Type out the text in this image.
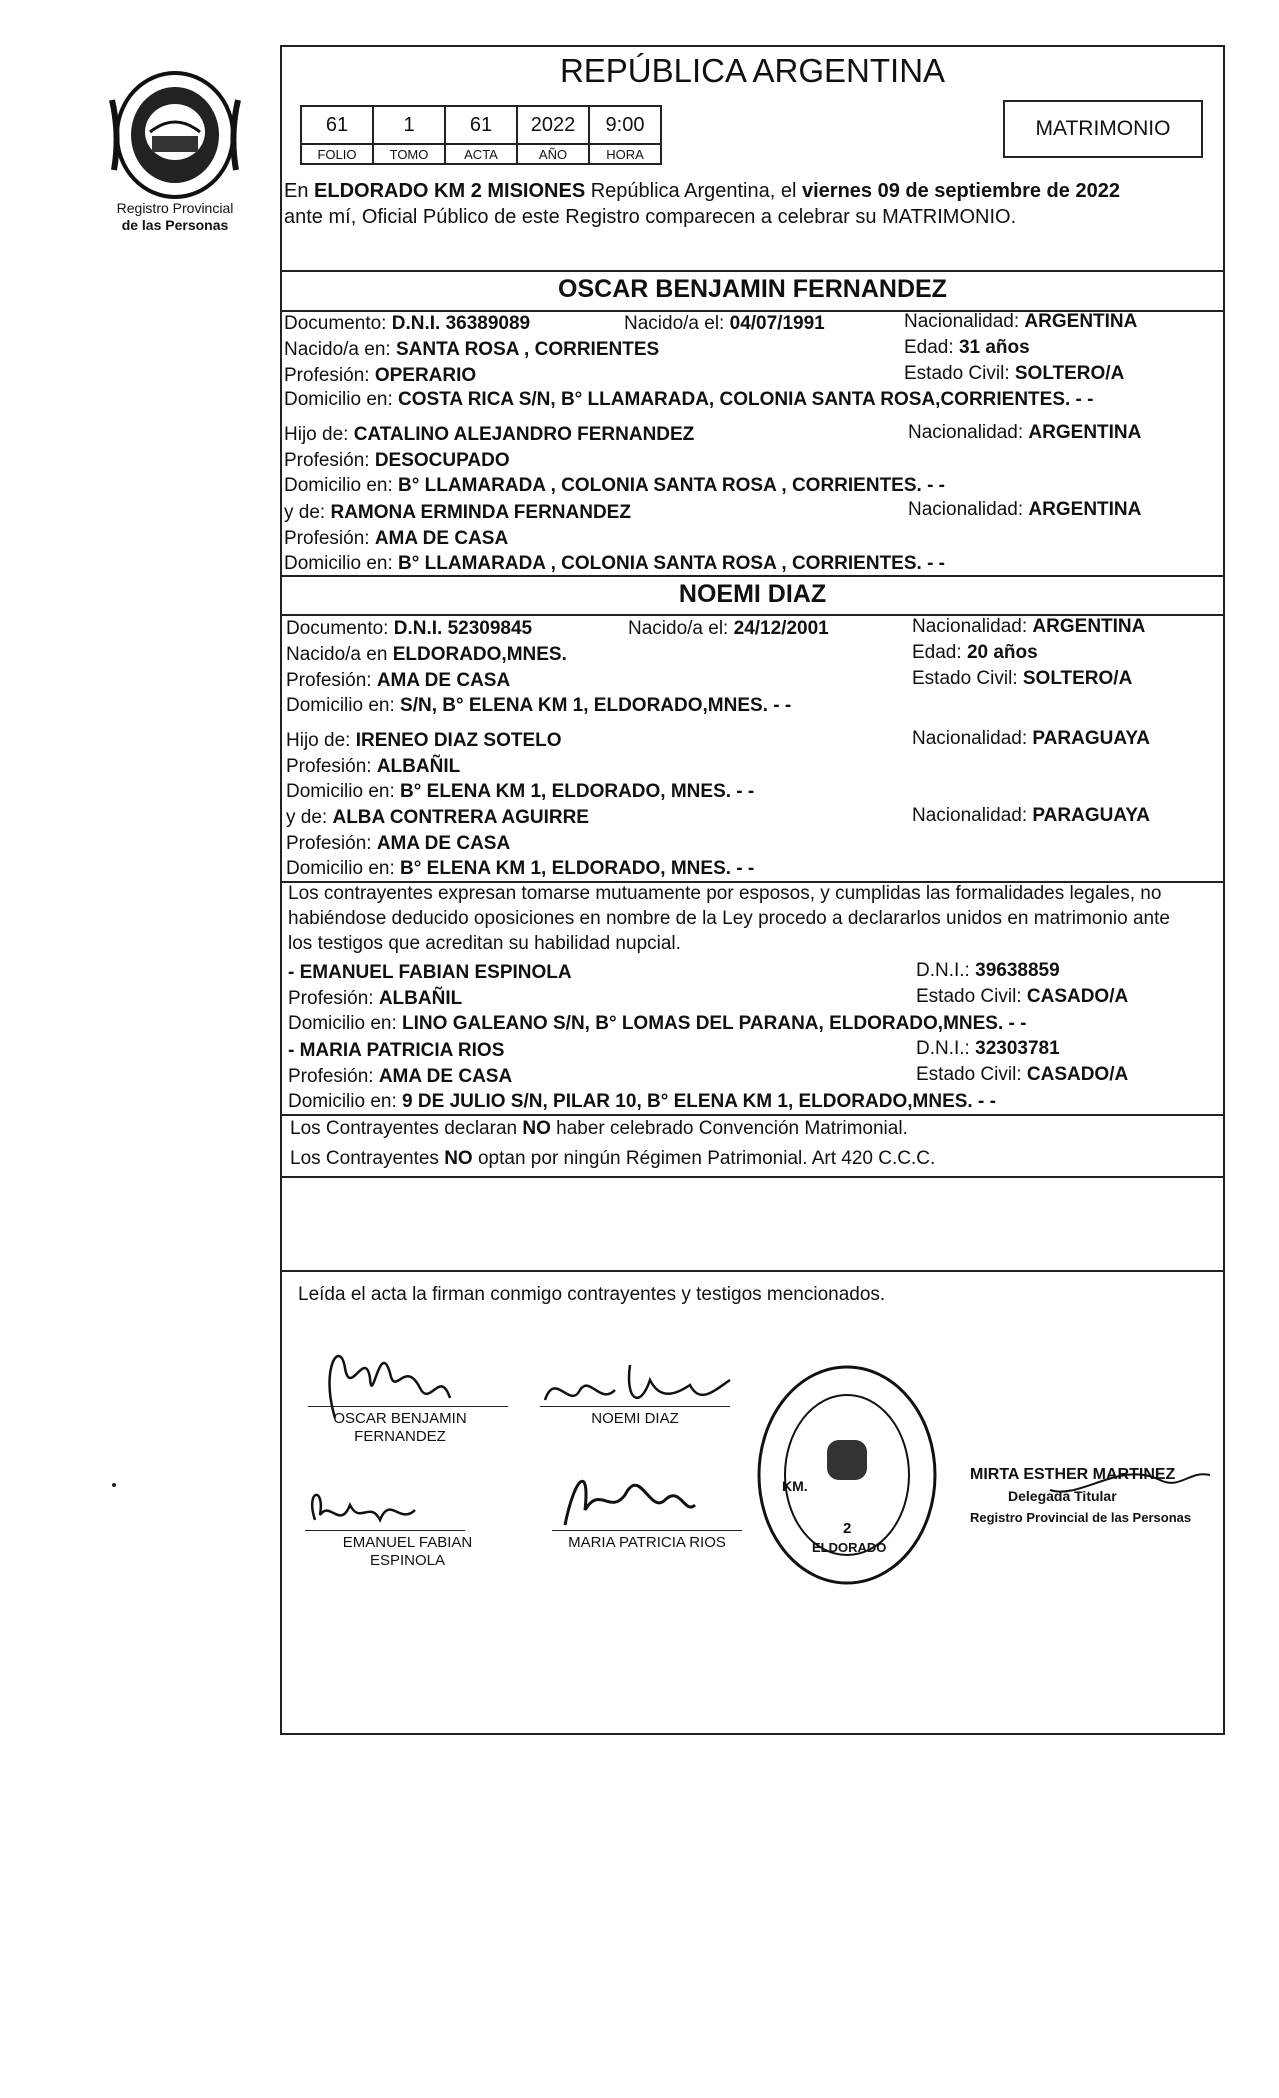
Registro Provincial
de las Personas
REPÚBLICA ARGENTINA
61	1	61	2022	9:00
FOLIO	TOMO	ACTA	AÑO	HORA
MATRIMONIO
En ELDORADO KM 2 MISIONES República Argentina, el viernes 09 de septiembre de 2022
ante mí, Oficial Público de este Registro comparecen a celebrar su MATRIMONIO.
OSCAR BENJAMIN FERNANDEZ
Documento: D.N.I. 36389089	Nacido/a el: 04/07/1991	Nacionalidad: ARGENTINA
Nacido/a en: SANTA ROSA , CORRIENTES	Edad: 31 años
Profesión: OPERARIO	Estado Civil: SOLTERO/A
Domicilio en: COSTA RICA S/N, B° LLAMARADA, COLONIA SANTA ROSA,CORRIENTES. - -
Hijo de: CATALINO ALEJANDRO FERNANDEZ	Nacionalidad: ARGENTINA
Profesión: DESOCUPADO
Domicilio en: B° LLAMARADA , COLONIA SANTA ROSA , CORRIENTES. - -
y de: RAMONA ERMINDA FERNANDEZ	Nacionalidad: ARGENTINA
Profesión: AMA DE CASA
Domicilio en: B° LLAMARADA , COLONIA SANTA ROSA , CORRIENTES. - -
NOEMI DIAZ
Documento: D.N.I. 52309845	Nacido/a el: 24/12/2001	Nacionalidad: ARGENTINA
Nacido/a en ELDORADO,MNES.	Edad: 20 años
Profesión: AMA DE CASA	Estado Civil: SOLTERO/A
Domicilio en: S/N, B° ELENA KM 1, ELDORADO,MNES. - -
Hijo de: IRENEO DIAZ SOTELO	Nacionalidad: PARAGUAYA
Profesión: ALBAÑIL
Domicilio en: B° ELENA KM 1, ELDORADO, MNES. - -
y de: ALBA CONTRERA AGUIRRE	Nacionalidad: PARAGUAYA
Profesión: AMA DE CASA
Domicilio en: B° ELENA KM 1, ELDORADO, MNES. - -
Los contrayentes expresan tomarse mutuamente por esposos, y cumplidas las formalidades legales, no
habiéndose deducido oposiciones en nombre de la Ley procedo a declararlos unidos en matrimonio ante
los testigos que acreditan su habilidad nupcial.
- EMANUEL FABIAN ESPINOLA	D.N.I.: 39638859
Profesión: ALBAÑIL	Estado Civil: CASADO/A
Domicilio en: LINO GALEANO S/N, B° LOMAS DEL PARANA, ELDORADO,MNES. - -
- MARIA PATRICIA RIOS	D.N.I.: 32303781
Profesión: AMA DE CASA	Estado Civil: CASADO/A
Domicilio en: 9 DE JULIO S/N, PILAR 10, B° ELENA KM 1, ELDORADO,MNES. - -
Los Contrayentes declaran NO haber celebrado Convención Matrimonial.
Los Contrayentes NO optan por ningún Régimen Patrimonial. Art 420 C.C.C.
Leída el acta la firman conmigo contrayentes y testigos mencionados.
OSCAR BENJAMIN
FERNANDEZ
NOEMI DIAZ
EMANUEL FABIAN
ESPINOLA
MARIA PATRICIA RIOS
KM.
2
ELDORADO
MIRTA ESTHER MARTINEZ
Delegada Titular
Registro Provincial de las Personas
